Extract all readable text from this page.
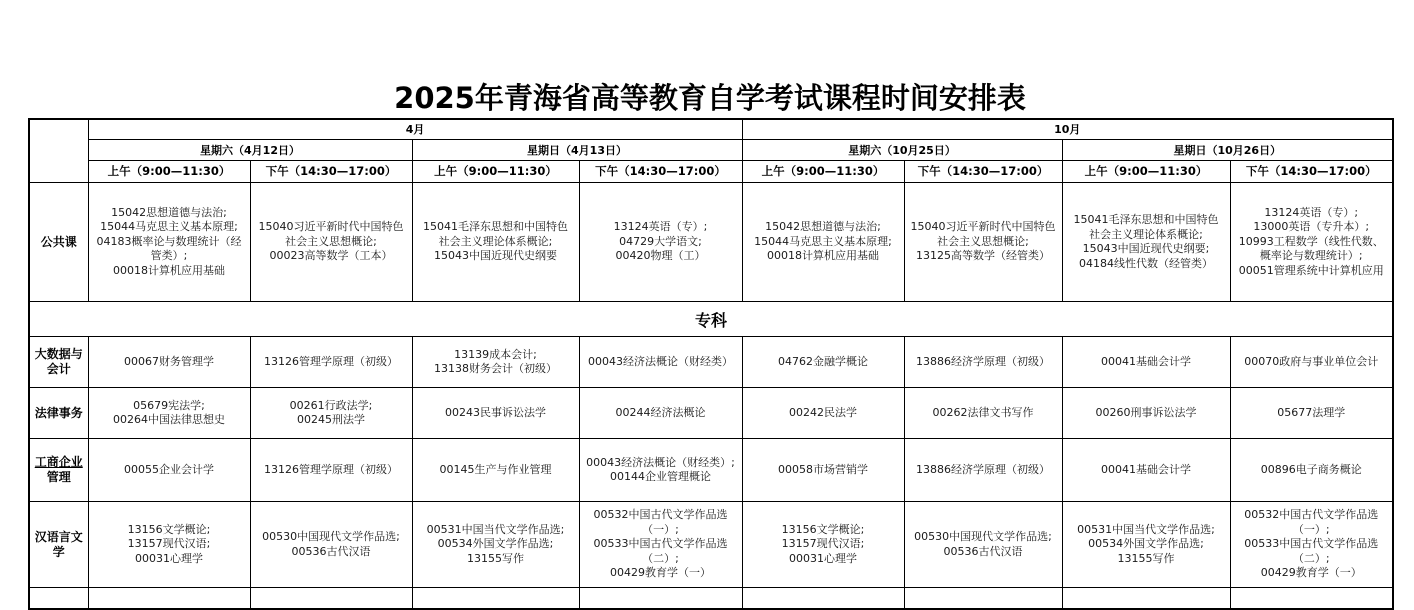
2025年青海省高等教育自学考试课程时间安排表
	4月				10月			
	星期六（4月12日）		星期日（4月13日）		星期六（10月25日）		星期日（10月26日）	
	上午（9:00—11:30）	下午（14:30—17:00）	上午（9:00—11:30）	下午（14:30—17:00）	上午（9:00—11:30）	下午（14:30—17:00）	上午（9:00—11:30）	下午（14:30—17:00）
公共课	15042思想道德与法治;
15044马克思主义基本原理;
04183概率论与数理统计（经
管类）;
00018计算机应用基础	15040习近平新时代中国特色
社会主义思想概论;
00023高等数学（工本）	15041毛泽东思想和中国特色
社会主义理论体系概论;
15043中国近现代史纲要	13124英语（专）;
04729大学语文;
00420物理（工）	15042思想道德与法治;
15044马克思主义基本原理;
00018计算机应用基础	15040习近平新时代中国特色
社会主义思想概论;
13125高等数学（经管类）	15041毛泽东思想和中国特色
社会主义理论体系概论;
15043中国近现代史纲要;
04184线性代数（经管类）	13124英语（专）;
13000英语（专升本）;
10993工程数学（线性代数、
概率论与数理统计）;
00051管理系统中计算机应用

专科								

大数据与
会计	00067财务管理学	13126管理学原理（初级）	13139成本会计;
13138财务会计（初级）	00043经济法概论（财经类）	04762金融学概论	13886经济学原理（初级）	00041基础会计学	00070政府与事业单位会计

法律事务	05679宪法学;
00264中国法律思想史	00261行政法学;
00245刑法学	00243民事诉讼法学	00244经济法概论	00242民法学	00262法律文书写作	00260刑事诉讼法学	05677法理学

工商企业
管理	00055企业会计学	13126管理学原理（初级）	00145生产与作业管理	00043经济法概论（财经类）;
00144企业管理概论	00058市场营销学	13886经济学原理（初级）	00041基础会计学	00896电子商务概论

汉语言文
学	13156文学概论;
13157现代汉语;
00031心理学	00530中国现代文学作品选;
00536古代汉语	00531中国当代文学作品选;
00534外国文学作品选;
13155写作	00532中国古代文学作品选
（一）;
00533中国古代文学作品选
（二）;
00429教育学（一）	13156文学概论;
13157现代汉语;
00031心理学	00530中国现代文学作品选;
00536古代汉语	00531中国当代文学作品选;
00534外国文学作品选;
13155写作	00532中国古代文学作品选
（一）;
00533中国古代文学作品选
（二）;
00429教育学（一）
